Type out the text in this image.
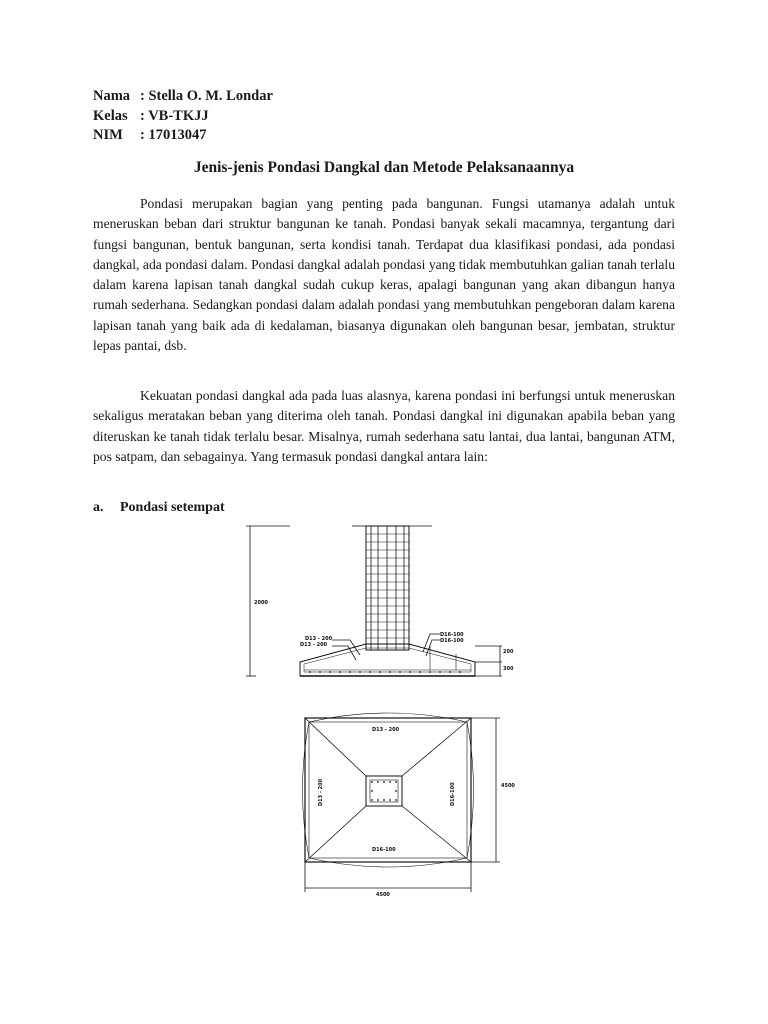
Nama : Stella O. M. Londar
Kelas : VB-TKJJ
NIM	: 17013047
Jenis-jenis Pondasi Dangkal dan Metode Pelaksanaannya

Pondasi merupakan bagian yang penting pada bangunan. Fungsi utamanya adalah untuk meneruskan beban dari struktur bangunan ke tanah. Pondasi banyak sekali macamnya, tergantung dari fungsi bangunan, bentuk bangunan, serta kondisi tanah. Terdapat dua klasifikasi pondasi, ada pondasi dangkal, ada pondasi dalam. Pondasi dangkal adalah pondasi yang tidak membutuhkan galian tanah terlalu dalam karena lapisan tanah dangkal sudah cukup keras, apalagi bangunan yang akan dibangun hanya rumah sederhana. Sedangkan pondasi dalam adalah pondasi yang membutuhkan pengeboran dalam karena lapisan tanah yang baik ada di kedalaman, biasanya digunakan oleh bangunan besar, jembatan, struktur lepas pantai, dsb.

Kekuatan pondasi dangkal ada pada luas alasnya, karena pondasi ini berfungsi untuk meneruskan sekaligus meratakan beban yang diterima oleh tanah. Pondasi dangkal ini digunakan apabila beban yang diteruskan ke tanah tidak terlalu besar. Misalnya, rumah sederhana satu lantai, dua lantai, bangunan ATM, pos satpam, dan sebagainya. Yang termasuk pondasi dangkal antara lain:

a. Pondasi setempat
2000
D13 - 200
D13 - 200
D16-100
D16-100
200
300
D13 - 200
D16-100
D13 - 200	D16-100	4500
4500
